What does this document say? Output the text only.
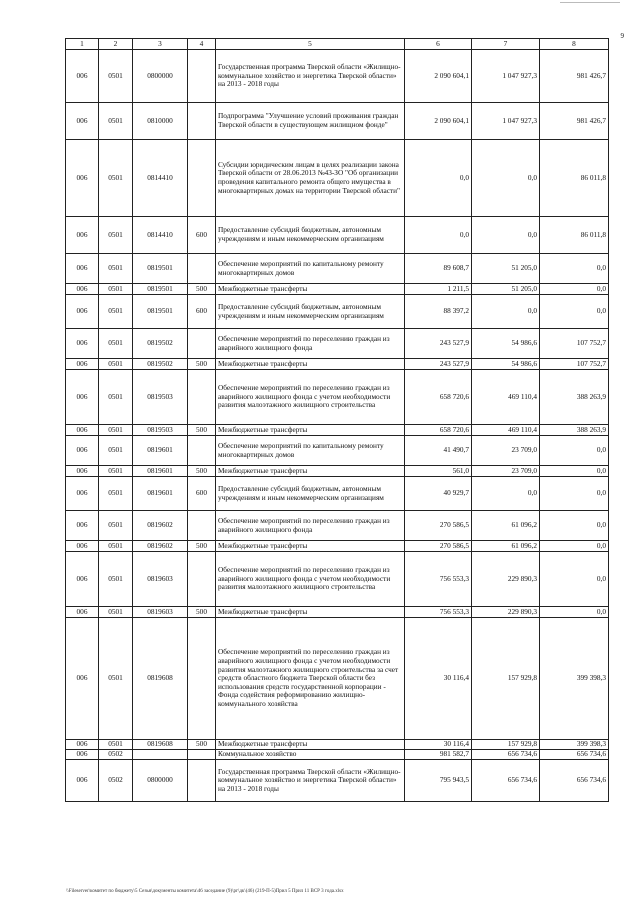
9
1	2	3	4	5	6	7	8
006	0501	0800000		Государственная программа Тверской области «Жилищно-коммунальное хозяйство и энергетика Тверской области» на 2013 - 2018 годы	2 090 604,1	1 047 927,3	981 426,7
006	0501	0810000		Подпрограмма "Улучшение условий проживания граждан Тверской области в существующем жилищном фонде"	2 090 604,1	1 047 927,3	981 426,7
006	0501	0814410		Субсидии юридическим лицам в целях реализации закона Тверской области от 28.06.2013 №43-ЗО "Об организации проведения капитального ремонта общего имущества в многоквартирных домах на территории Тверской области"	0,0	0,0	86 011,8
006	0501	0814410	600	Предоставление субсидий бюджетным, автономным учреждениям и иным некоммерческим организациям	0,0	0,0	86 011,8
006	0501	0819501		Обеспечение мероприятий по капитальному ремонту многоквартирных домов	89 608,7	51 205,0	0,0
006	0501	0819501	500	Межбюджетные трансферты	1 211,5	51 205,0	0,0
006	0501	0819501	600	Предоставление субсидий бюджетным, автономным учреждениям и иным некоммерческим организациям	88 397,2	0,0	0,0
006	0501	0819502		Обеспечение мероприятий по переселению граждан из аварийного жилищного фонда	243 527,9	54 986,6	107 752,7
006	0501	0819502	500	Межбюджетные трансферты	243 527,9	54 986,6	107 752,7
006	0501	0819503		Обеспечение мероприятий по переселению граждан из аварийного жилищного фонда с учетом необходимости развития малоэтажного жилищного строительства	658 720,6	469 110,4	388 263,9
006	0501	0819503	500	Межбюджетные трансферты	658 720,6	469 110,4	388 263,9
006	0501	0819601		Обеспечение мероприятий по капитальному ремонту многоквартирных домов	41 490,7	23 709,0	0,0
006	0501	0819601	500	Межбюджетные трансферты	561,0	23 709,0	0,0
006	0501	0819601	600	Предоставление субсидий бюджетным, автономным учреждениям и иным некоммерческим организациям	40 929,7	0,0	0,0
006	0501	0819602		Обеспечение мероприятий по переселению граждан из аварийного жилищного фонда	270 586,5	61 096,2	0,0
006	0501	0819602	500	Межбюджетные трансферты	270 586,5	61 096,2	0,0
006	0501	0819603		Обеспечение мероприятий по переселению граждан из аварийного жилищного фонда с учетом необходимости развития малоэтажного жилищного строительства	756 553,3	229 890,3	0,0
006	0501	0819603	500	Межбюджетные трансферты	756 553,3	229 890,3	0,0
006	0501	0819608		Обеспечение мероприятий по переселению граждан из аварийного жилищного фонда с учетом необходимости развития малоэтажного жилищного строительства за счет средств областного бюджета Тверской области без использования средств государственной корпорации - Фонда содействия реформированию жилищно-коммунального хозяйства	30 116,4	157 929,8	399 398,3
006	0501	0819608	500	Межбюджетные трансферты	30 116,4	157 929,8	399 398,3
006	0502			Коммунальное хозяйство	981 582,7	656 734,6	656 734,6
006	0502	0800000		Государственная программа Тверской области «Жилищно-коммунальное хозяйство и энергетика Тверской области» на 2013 - 2018 годы	795 943,5	656 734,6	656 734,6
\\Fileserver\комитет по бюджету\5 Сезья\документы комитета\46 заседание (9)\рг\дк\(46) (219-П-5)Прил 5 Прил 11 ВСР 3 года.xlsx
